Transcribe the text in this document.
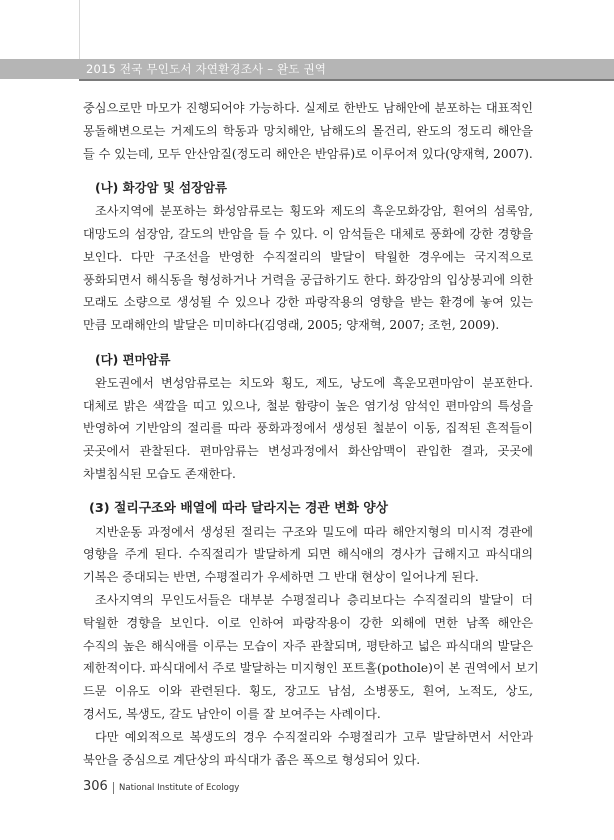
2015 전국 무인도서 자연환경조사 – 완도 권역
중심으로만 마모가 진행되어야 가능하다. 실제로 한반도 남해안에 분포하는 대표적인
몽돌해변으로는 거제도의 학동과 망치해안, 남해도의 몰건리, 완도의 정도리 해안을
들 수 있는데, 모두 안산암질(정도리 해안은 반암류)로 이루어져 있다(양재혁, 2007).
(나) 화강암 및 섬장암류
조사지역에 분포하는 화성암류로는 횡도와 제도의 흑운모화강암, 흰여의 섬록암,
대망도의 섬장암, 갈도의 반암을 들 수 있다. 이 암석들은 대체로 풍화에 강한 경향을
보인다. 다만 구조선을 반영한 수직절리의 발달이 탁월한 경우에는 국지적으로
풍화되면서 해식동을 형성하거나 거력을 공급하기도 한다. 화강암의 입상붕괴에 의한
모래도 소량으로 생성될 수 있으나 강한 파랑작용의 영향을 받는 환경에 놓여 있는
만큼 모래해안의 발달은 미미하다(김영래, 2005; 양재혁, 2007; 조헌, 2009).
(다) 편마암류
완도권에서 변성암류로는 치도와 횡도, 제도, 낭도에 흑운모편마암이 분포한다.
대체로 밝은 색깔을 띠고 있으나, 철분 함량이 높은 염기성 암석인 편마암의 특성을
반영하여 기반암의 절리를 따라 풍화과정에서 생성된 철분이 이동, 집적된 흔적들이
곳곳에서 관찰된다. 편마암류는 변성과정에서 화산암맥이 관입한 결과, 곳곳에
차별침식된 모습도 존재한다.
(3) 절리구조와 배열에 따라 달라지는 경관 변화 양상
지반운동 과정에서 생성된 절리는 구조와 밀도에 따라 해안지형의 미시적 경관에
영향을 주게 된다. 수직절리가 발달하게 되면 해식애의 경사가 급해지고 파식대의
기복은 증대되는 반면, 수평절리가 우세하면 그 반대 현상이 일어나게 된다.
조사지역의 무인도서들은 대부분 수평절리나 층리보다는 수직절리의 발달이 더
탁월한 경향을 보인다. 이로 인하여 파랑작용이 강한 외해에 면한 남쪽 해안은
수직의 높은 해식애를 이루는 모습이 자주 관찰되며, 평탄하고 넓은 파식대의 발달은
제한적이다. 파식대에서 주로 발달하는 미지형인 포트홀(pothole)이 본 권역에서 보기
드문 이유도 이와 관련된다. 횡도, 장고도 남섬, 소병풍도, 흰여, 노적도, 상도,
경서도, 복생도, 갈도 남안이 이를 잘 보여주는 사례이다.
다만 예외적으로 복생도의 경우 수직절리와 수평절리가 고루 발달하면서 서안과
북안을 중심으로 계단상의 파식대가 좁은 폭으로 형성되어 있다.
306 National Institute of Ecology
